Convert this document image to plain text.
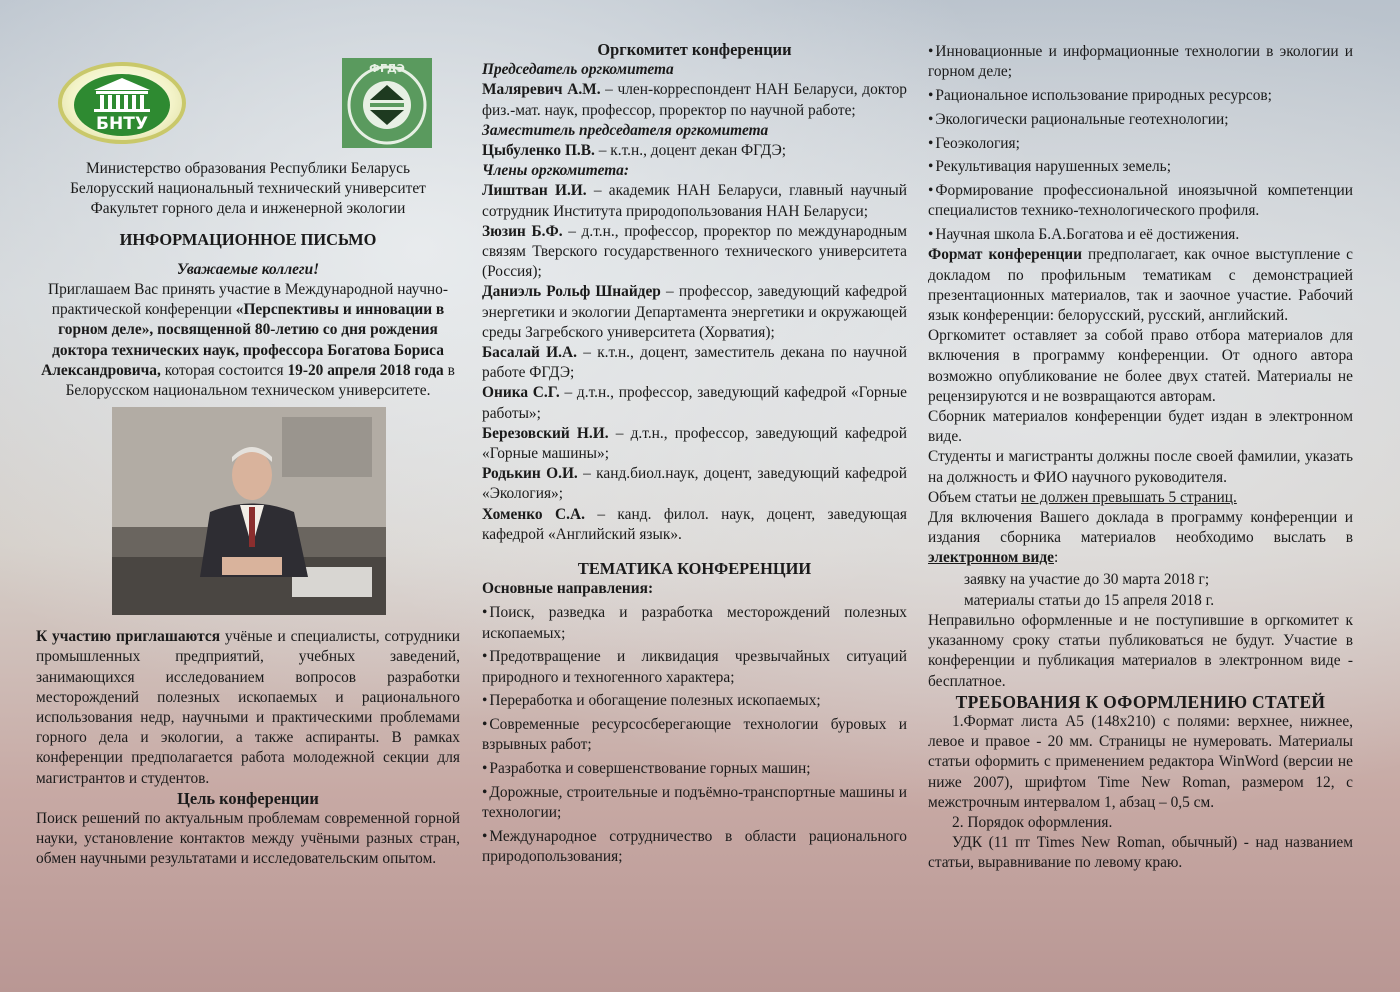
БНТУ
ФГДЭ

Министерство образования Республики Беларусь

Белорусский национальный технический университет

Факультет горного дела и инженерной экологии

ИНФОРМАЦИОННОЕ ПИСЬМО

Уважаемые коллеги!

Приглашаем Вас принять участие в Международной научно-практической конференции «Перспективы и инновации в горном деле», посвященной 80-летию со дня рождения доктора технических наук, профессора Богатова Бориса Александровича, которая состоится 19-20 апреля 2018 года в Белорусском национальном техническом университете.

К участию приглашаются учёные и специалисты, сотрудники промышленных предприятий, учебных заведений, занимающихся исследованием вопросов разработки месторождений полезных ископаемых и рационального использования недр, научными и практическими проблемами горного дела и экологии, а также аспиранты. В рамках конференции предполагается работа молодежной секции для магистрантов и студентов.

Цель конференции

Поиск решений по актуальным проблемам современной горной науки, установление контактов между учёными разных стран, обмен научными результатами и исследовательским опытом.

Оргкомитет конференции

Председатель оргкомитета

Маляревич А.М. – член-корреспондент НАН Беларуси, доктор физ.-мат. наук, профессор, проректор по научной работе;

Заместитель председателя оргкомитета

Цыбуленко П.В. – к.т.н., доцент декан ФГДЭ;

Члены оргкомитета:

Лиштван И.И. – академик НАН Беларуси, главный научный сотрудник Института природопользования НАН Беларуси;

Зюзин Б.Ф. – д.т.н., профессор, проректор по международным связям Тверского государственного технического университета (Россия);

Даниэль Рольф Шнайдер – профессор, заведующий кафедрой энергетики и экологии Департамента энергетики и окружающей среды Загребского университета (Хорватия);

Басалай И.А. – к.т.н., доцент, заместитель декана по научной работе ФГДЭ;

Оника С.Г. – д.т.н., профессор, заведующий кафедрой «Горные работы»;

Березовский Н.И. – д.т.н., профессор, заведующий кафедрой «Горные машины»;

Родькин О.И. – канд.биол.наук, доцент, заведующий кафедрой «Экология»;

Хоменко С.А. – канд. филол. наук, доцент, заведующая кафедрой «Английский язык».

ТЕМАТИКА КОНФЕРЕНЦИИ

Основные направления:

• Поиск, разведка и разработка месторождений полезных ископаемых;
• Предотвращение и ликвидация чрезвычайных ситуаций природного и техногенного характера;
• Переработка и обогащение полезных ископаемых;
• Современные ресурсосберегающие технологии буровых и взрывных работ;
• Разработка и совершенствование горных машин;
• Дорожные, строительные и подъёмно-транспортные машины и технологии;
• Международное сотрудничество в области рационального природопользования;
• Инновационные и информационные технологии в экологии и горном деле;
• Рациональное использование природных ресурсов;
• Экологически рациональные геотехнологии;
• Геоэкология;
• Рекультивация нарушенных земель;
• Формирование профессиональной иноязычной компетенции специалистов технико-технологического профиля.
• Научная школа Б.А.Богатова и её достижения.

Формат конференции предполагает, как очное выступление с докладом по профильным тематикам с демонстрацией презентационных материалов, так и заочное участие. Рабочий язык конференции: белорусский, русский, английский.

Оргкомитет оставляет за собой право отбора материалов для включения в программу конференции. От одного автора возможно опубликование не более двух статей. Материалы не рецензируются и не возвращаются авторам.

Сборник материалов конференции будет издан в электронном виде.

Студенты и магистранты должны после своей фамилии, указать на должность и ФИО научного руководителя.

Объем статьи не должен превышать 5 страниц.

Для включения Вашего доклада в программу конференции и издания сборника материалов необходимо выслать в электронном виде:

заявку на участие до 30 марта 2018 г;

материалы статьи до 15 апреля 2018 г.

Неправильно оформленные и не поступившие в оргкомитет к указанному сроку статьи публиковаться не будут. Участие в конференции и публикация материалов в электронном виде - бесплатное.

ТРЕБОВАНИЯ К ОФОРМЛЕНИЮ СТАТЕЙ

1.Формат листа А5 (148х210) с полями: верхнее, нижнее, левое и правое - 20 мм. Страницы не нумеровать. Материалы статьи оформить с применением редактора WinWord (версии не ниже 2007), шрифтом Time New Roman, размером 12, с межстрочным интервалом 1, абзац – 0,5 см.

2. Порядок оформления.

УДК (11 пт Times New Roman, обычный) - над названием статьи, выравнивание по левому краю.
